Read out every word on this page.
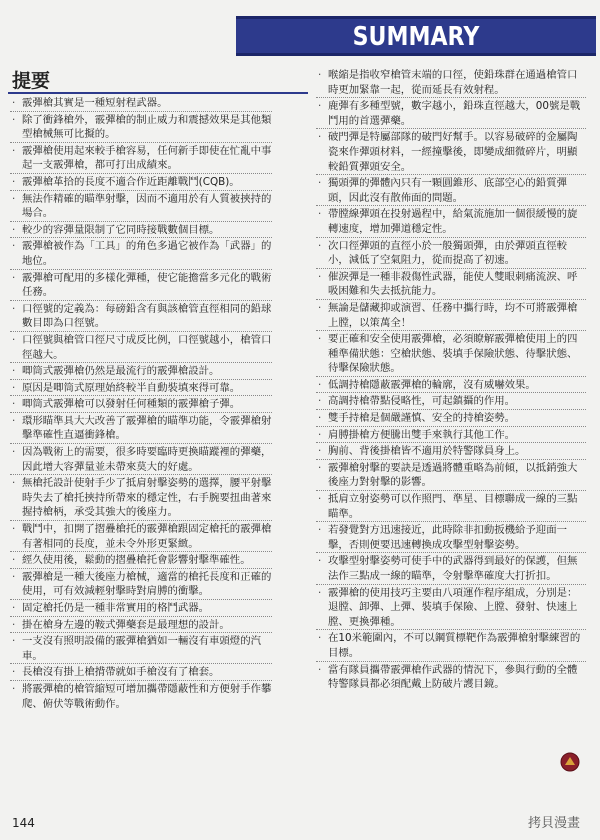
SUMMARY
提要
· 霰彈槍其實是一種短射程武器。
· 除了衝鋒槍外，霰彈槍的制止威力和震撼效果是其他類型槍械無可比擬的。
· 霰彈槍使用起來較手槍容易，任何新手即使在忙亂中事起一支霰彈槍，都可打出成績來。
· 霰彈槍革拾的長度不適合作近距離戰鬥(CQB)。
· 無法作精確的瞄準射擊，因而不適用於有人質被挾持的場合。
· 較少的容彈量限制了它同時接戰數個目標。
· 霰彈槍被作為「工具」的角色多過它被作為「武器」的地位。
· 霰彈槍可配用的多樣化彈種，使它能擔當多元化的戰術任務。
· 口徑號的定義為：每磅鉛含有與該槍管直徑相同的鉛球數目即為口徑號。
· 口徑號與槍管口徑尺寸成反比例，口徑號越小，槍管口徑越大。
· 唧筒式霰彈槍仍然是最流行的霰彈槍設計。
· 原因是唧筒式原理始終較半自動裝填來得可靠。
· 唧筒式霰彈槍可以發射任何種類的霰彈槍子彈。
· 環形瞄準具大大改善了霰彈槍的瞄準功能，令霰彈槍射擊準確性直逼衝鋒槍。
· 因為戰術上的需要，很多時要臨時更換瞄蹤裡的彈藥，因此增大容彈量並未帶來莫大的好處。
· 無槍托設計使射手少了抵肩射擊姿勢的選擇，腰平射擊時失去了槍托挾持所帶來的穩定性，右手腕要扭曲著來握持槍柄，承受其強大的後座力。
· 戰鬥中，扣開了摺疊槍托的霰彈槍跟固定槍托的霰彈槍有著相同的長度，並未令外形更緊緻。
· 經久使用後，鬆動的摺疊槍托會影響射擊準確性。
· 霰彈槍是一種大後座力槍械，適當的槍托長度和正確的使用，可有效減輕射擊時對肩膊的衝擊。
· 固定槍托仍是一種非常實用的格鬥武器。
· 掛在槍身左邊的鞍式彈藥套是最理想的設計。
· 一支沒有照明設備的霰彈槍猶如一輛沒有車頭燈的汽車。
· 長槍沒有掛上槍揹帶就如手槍沒有了槍套。
· 將霰彈槍的槍管縮短可增加攜帶隱蔽性和方便射手作攀爬、俯伏等戰術動作。
· 喉縮是指收窄槍管末端的口徑，使鉛珠群在通過槍管口時更加緊靠一起，從而延長有效射程。
· 鹿彈有多種型號，數字越小，鉛珠直徑越大，00號是戰鬥用的首選彈藥。
· 破門彈是特屬部隊的破門好幫手。以容易破碎的金屬陶瓷來作彈頭材料，一經撞擊後，即變成細微碎片，明顯較鉛質彈頭安全。
· 獨頭彈的彈體內只有一顆圓錐形、底部空心的鉛質彈頭，因此沒有散佈面的問題。
· 帶膛線彈頭在投射過程中，給氣流施加一個很緩慢的旋轉速度，增加彈道穩定性。
· 次口徑彈頭的直徑小於一般獨頭彈，由於彈頭直徑較小，減低了空氣阻力，從而提高了初速。
· 催淚彈是一種非殺傷性武器，能使人雙眼刺痛流淚、呼吸困難和失去抵抗能力。
· 無論是儲藏抑或演習、任務中攜行時，均不可將霰彈槍上膛，以策萬全！
· 要正確和安全使用霰彈槍，必須瞭解霰彈槍使用上的四種準備狀態：空槍狀態、裝填手保險狀態、待擊狀態、待擊保險狀態。
· 低調持槍隱蔽霰彈槍的輪廓，沒有威嚇效果。
· 高調持槍帶點侵略性，可起鎮攝的作用。
· 雙手持槍是個嚴謹慎、安全的持槍姿勢。
· 肩膊掛槍方便騰出雙手來執行其他工作。
· 胸前、背後掛槍皆不適用於特警隊員身上。
· 霰彈槍射擊的要訣是透過將體重略為前傾，以抵銷強大後座力對射擊的影響。
· 抵肩立射姿勢可以作照門、準星、目標聯成一線的三點瞄準。
· 若發覺對方迅速接近，此時除非扣動扳機給予迎面一擊，否則便要迅速轉換成攻擊型射擊姿勢。
· 攻擊型射擊姿勢可使手中的武器得到最好的保護，但無法作三點成一線的瞄準，令射擊準確度大打折扣。
· 霰彈槍的使用技巧主要由八項運作程序組成，分別是：退膛、卸彈、上彈、裝填手保險、上膛、發射、快速上膛、更換彈種。
· 在10米範圍內，不可以鋼質標靶作為霰彈槍射擊練習的目標。
· 當有隊員攜帶霰彈槍作武器的情況下，參與行動的全體特警隊員都必須配戴上防破片護目鏡。
144	拷貝漫畫
